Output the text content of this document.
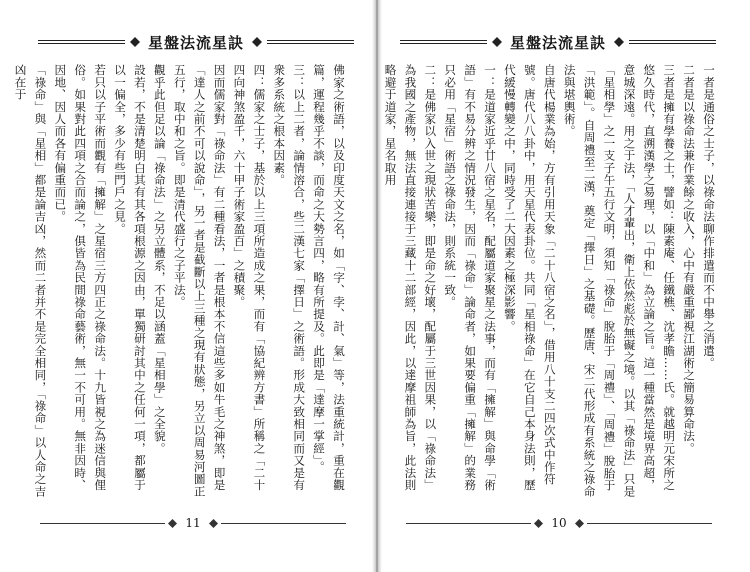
星盤法流星訣

佛家之術語，以及印度天文之名，如「字、孛、計、氣」等，法重統計，重在觀篇，運程幾乎不談，而命之大勢言四，略有所提及。此即是「達摩一掌經」。

三：以上二者，論情溶合，些二漢七家「擇日」之術語。形成大致相同而又是有衆多系統之根本因素。

四：儒家之士子，基於以上三項所造成之果，而有「協紀辨方書」所稱之「二十四向神煞盈千，六十甲子術家盈百」之積聚。

因而儒家對「祿命法」有二種看法，一者是根本不信這些多如牛毛之神煞，即是「達人之前不可以說命」，另一者是截斷以上三種之現有狀態，另立以周易河圖正五行，取中和之旨。即是清代盛行之子平法。

觀乎此但足以論「祿命法」之另立體系，不足以涵蓋「星相學」之全貌。

設若，不是清楚明白其有其各項根源之因由，單獨研討其中之任何一項，都屬于以一偏全，多少有些門戶之見。

若只以子平術而觀有「擁解」之星宿三方四正之祿命法。十九皆視之為迷信與俚俗。如果對此四項之合而論之，俱皆為民間祿命藝術，無一不可用。無非因時、因地、因人而各有偏重而已。

「祿命」與「星相」都是論吉凶，然而二者并不是完全相同，「祿命」以人命之吉凶在于

11
星盤法流星訣

一者是通俗之士子，以祿命法聊作排遣而不中舉之消遣。

二者是以祿命法兼作業餘之收入，心中有嚴重鄙視江湖術之簡易算命法。

三者是擁有學養之士，譬如：陳素庵、任鐵樵、沈孝瞻……氏。就越明元宋所之悠久時代，直溯漢學之易理，以「中和」為立論之旨。這一種當然是境界高超，意城深遠。用之于法，「人才輩出，衛上依然彪於無礙之境。以其「祿命法」只是「星相學」之一支子午五行文明，須知「祿命」脫胎于「周禮」、「周禮」脫胎于「洪範」。自周禮至二漢，奠定「擇日」之基礎。歷唐、宋二代形成有系統之祿命法與堪輿術。

自唐代楊業為始，方有引用天象「二十八宿之名」，借用八十支二四次式中作符號。唐代八八卦中，用天星代表卦位。共同「星相祿命」在它自己本身法則，歷代緩慢轉變之中，同時受了二大因素之極深影響。

一：是道家近乎廿八宿之星名，配屬道家聚星之法事，而有「擁解」與命學「術語」有不易分辨之情況發生，因而「祿命」論命者，如果要偏重「擁解」的業務只必用「星宿」術語之祿命法，則系統一致。

二：是佛家以入世之現狀苦樂，即是命之好壞，配屬于三世因果，以「祿命法」為我國之產物，無法直接連接于三藏十二部經，因此，以達摩祖師為旨，此法則略避于道家，星名取用

10
